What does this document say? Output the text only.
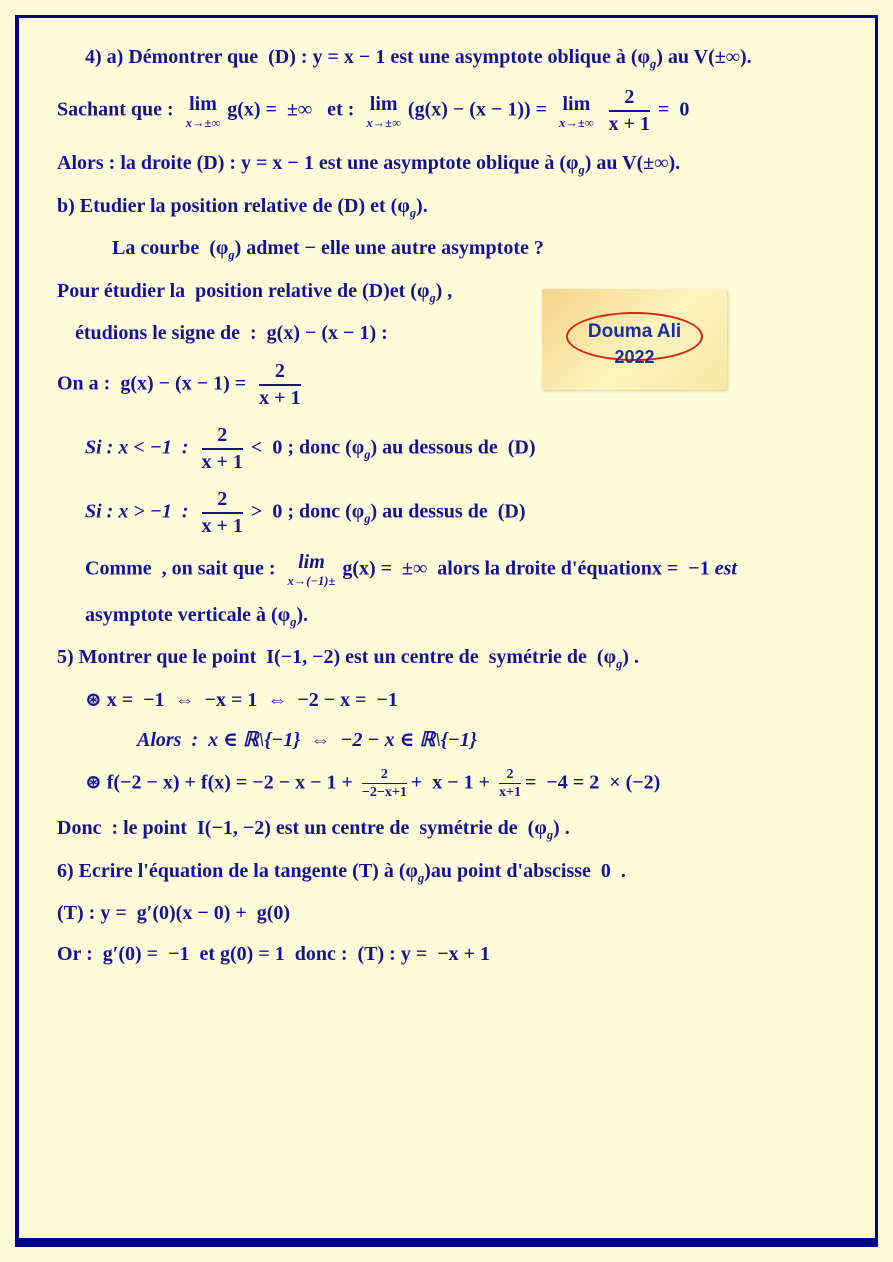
4) a) Démontrer que  (D) : y = x − 1 est une asymptote oblique à $(\varphi_g)$ au V(±∞).

Sachant que : lim
x→±∞
g(x) =  ±∞   et : lim
x→±∞
(g(x) − (x − 1)) = lim
$x\to\pm\infty \frac{2}{x + 1} = 0$

Alors : la droite (D) : y = x − 1 est une asymptote oblique à $(\varphi_g)$ au V(±∞).

b) Etudier la position relative de (D) et $(\varphi_g)$.

La courbe  $(\varphi_g)$ admet − elle une autre asymptote ?

Pour étudier la  position relative de (D)et $(\varphi_g)$ ,

étudions le signe de  :  g(x) − (x − 1) :

On a :  $g(x) - (x - 1) = \frac{2}{x + 1}$

Si : x < −1  : $\frac{2}{x + 1} < 0$ ; donc $(\varphi_g)$ au dessous de  (D)

Si : x > −1  : $\frac{2}{x + 1} > 0$ ; donc $(\varphi_g)$ au dessus de  (D)

Comme  , on sait que : lim
x→(−1)±
g(x) =  ±∞  alors la droite d'équationx =  −1 est

asymptote verticale à $(\varphi_g)$.

5) Montrer que le point  I(−1, −2) est un centre de  symétrie de  $(\varphi_g)$ .

⊛ x =  −1  ⇔  −x = 1  ⇔  −2 − x =  −1

Alors  :  x ∈ ℝ\{−1}  ⇔  −2 − x ∈ ℝ\{−1}

⊛ $f(-2 - x) + f(x) = -2 - x - 1 + \frac{2}{-2-x+1} + x - 1 + \frac{2}{x+1} = -4 = 2 \times (-2)$

Donc  : le point  I(−1, −2) est un centre de  symétrie de  $(\varphi_g)$ .

6) Ecrire l'équation de la tangente (T) à $(\varphi_g)au$ point d'abscisse  0  .

(T) : y =  g′(0)(x − 0) +  g(0)

Or :  g′(0) =  −1  et g(0) = 1  donc :  (T) : y =  −x + 1

Douma Ali
2022
